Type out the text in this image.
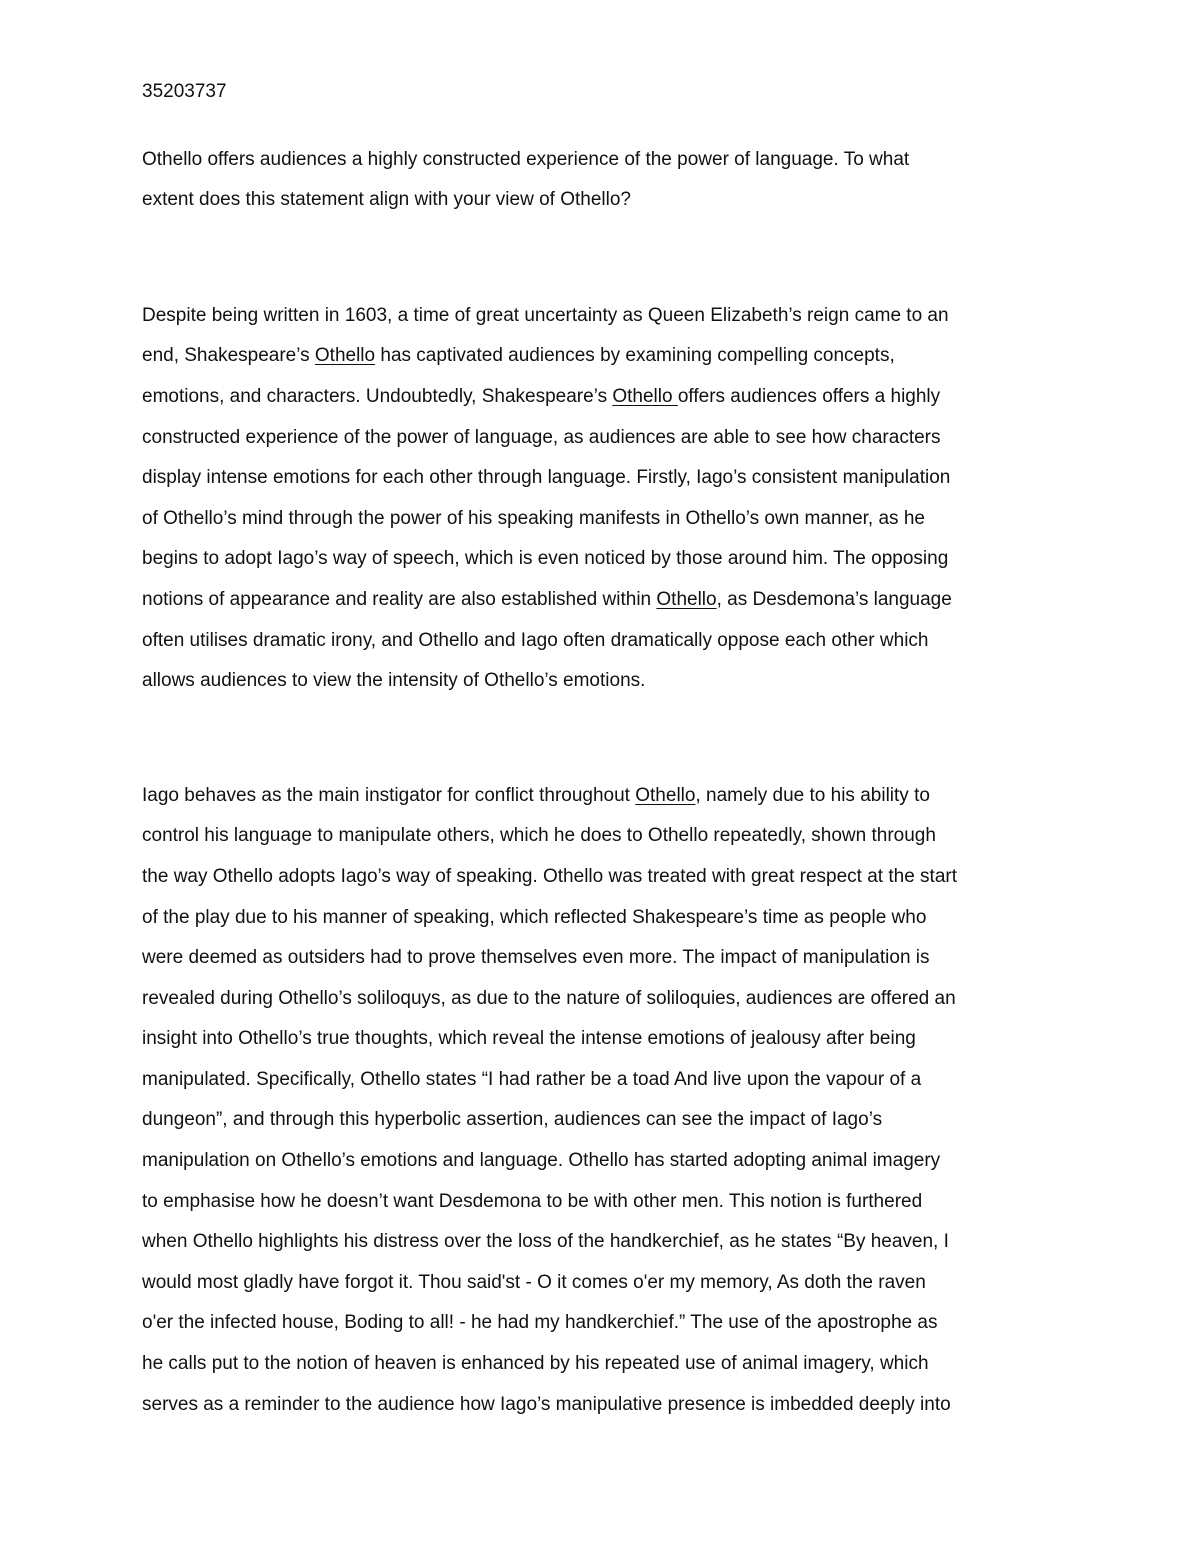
35203737

Othello offers audiences a highly constructed experience of the power of language. To what
extent does this statement align with your view of Othello?

Despite being written in 1603, a time of great uncertainty as Queen Elizabeth’s reign came to an
end, Shakespeare’s Othello has captivated audiences by examining compelling concepts,
emotions, and characters. Undoubtedly, Shakespeare’s Othello offers audiences offers a highly
constructed experience of the power of language, as audiences are able to see how characters
display intense emotions for each other through language. Firstly, Iago’s consistent manipulation
of Othello’s mind through the power of his speaking manifests in Othello’s own manner, as he
begins to adopt Iago’s way of speech, which is even noticed by those around him. The opposing
notions of appearance and reality are also established within Othello, as Desdemona’s language
often utilises dramatic irony, and Othello and Iago often dramatically oppose each other which
allows audiences to view the intensity of Othello’s emotions.

Iago behaves as the main instigator for conflict throughout Othello, namely due to his ability to
control his language to manipulate others, which he does to Othello repeatedly, shown through
the way Othello adopts Iago’s way of speaking. Othello was treated with great respect at the start
of the play due to his manner of speaking, which reflected Shakespeare’s time as people who
were deemed as outsiders had to prove themselves even more. The impact of manipulation is
revealed during Othello’s soliloquys, as due to the nature of soliloquies, audiences are offered an
insight into Othello’s true thoughts, which reveal the intense emotions of jealousy after being
manipulated. Specifically, Othello states “I had rather be a toad And live upon the vapour of a
dungeon”, and through this hyperbolic assertion, audiences can see the impact of Iago’s
manipulation on Othello’s emotions and language. Othello has started adopting animal imagery
to emphasise how he doesn’t want Desdemona to be with other men. This notion is furthered
when Othello highlights his distress over the loss of the handkerchief, as he states “By heaven, I
would most gladly have forgot it. Thou said'st - O it comes o'er my memory, As doth the raven
o'er the infected house, Boding to all! - he had my handkerchief.” The use of the apostrophe as
he calls put to the notion of heaven is enhanced by his repeated use of animal imagery, which
serves as a reminder to the audience how Iago’s manipulative presence is imbedded deeply into
